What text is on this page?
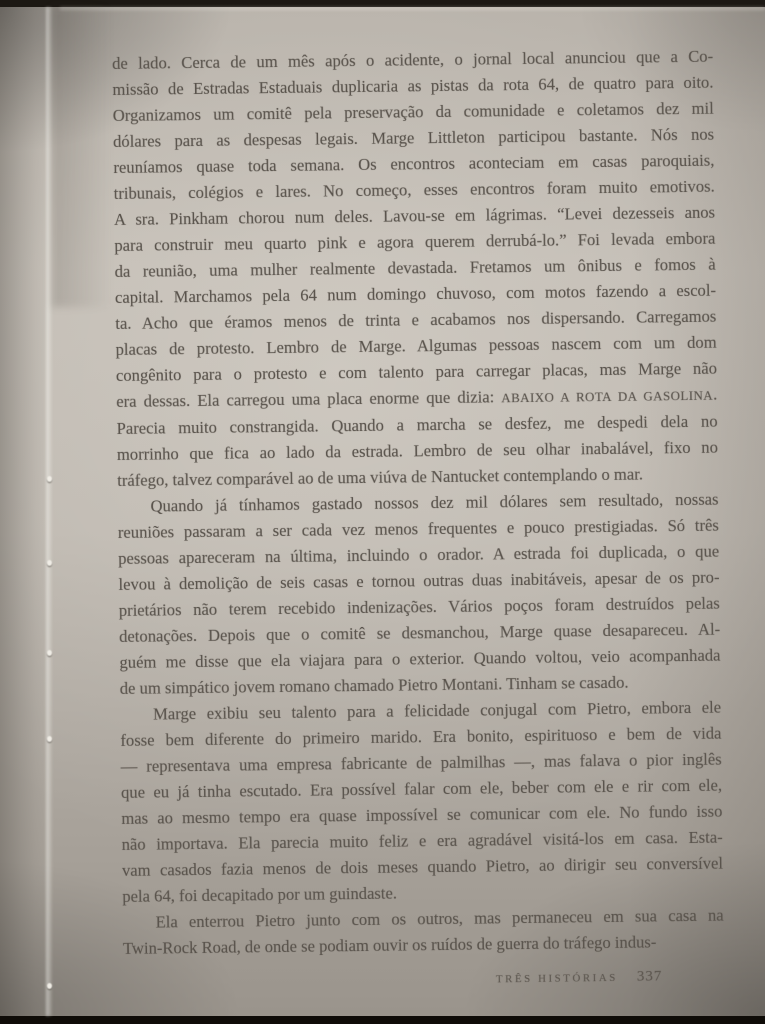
de lado. Cerca de um mês após o acidente, o jornal local anunciou que a Co-
missão de Estradas Estaduais duplicaria as pistas da rota 64, de quatro para oito.
Organizamos um comitê pela preservação da comunidade e coletamos dez mil
dólares para as despesas legais. Marge Littleton participou bastante. Nós nos
reuníamos quase toda semana. Os encontros aconteciam em casas paroquiais,
tribunais, colégios e lares. No começo, esses encontros foram muito emotivos.
A sra. Pinkham chorou num deles. Lavou-se em lágrimas. “Levei dezesseis anos
para construir meu quarto pink e agora querem derrubá-lo.” Foi levada embora
da reunião, uma mulher realmente devastada. Fretamos um ônibus e fomos à
capital. Marchamos pela 64 num domingo chuvoso, com motos fazendo a escol-
ta. Acho que éramos menos de trinta e acabamos nos dispersando. Carregamos
placas de protesto. Lembro de Marge. Algumas pessoas nascem com um dom
congênito para o protesto e com talento para carregar placas, mas Marge não
era dessas. Ela carregou uma placa enorme que dizia: ABAIXO A ROTA DA GASOLINA.
Parecia muito constrangida. Quando a marcha se desfez, me despedi dela no
morrinho que fica ao lado da estrada. Lembro de seu olhar inabalável, fixo no
tráfego, talvez comparável ao de uma viúva de Nantucket contemplando o mar.
Quando já tínhamos gastado nossos dez mil dólares sem resultado, nossas
reuniões passaram a ser cada vez menos frequentes e pouco prestigiadas. Só três
pessoas apareceram na última, incluindo o orador. A estrada foi duplicada, o que
levou à demolição de seis casas e tornou outras duas inabitáveis, apesar de os pro-
prietários não terem recebido indenizações. Vários poços foram destruídos pelas
detonações. Depois que o comitê se desmanchou, Marge quase desapareceu. Al-
guém me disse que ela viajara para o exterior. Quando voltou, veio acompanhada
de um simpático jovem romano chamado Pietro Montani. Tinham se casado.
Marge exibiu seu talento para a felicidade conjugal com Pietro, embora ele
fosse bem diferente do primeiro marido. Era bonito, espirituoso e bem de vida
— representava uma empresa fabricante de palmilhas —, mas falava o pior inglês
que eu já tinha escutado. Era possível falar com ele, beber com ele e rir com ele,
mas ao mesmo tempo era quase impossível se comunicar com ele. No fundo isso
não importava. Ela parecia muito feliz e era agradável visitá-los em casa. Esta-
vam casados fazia menos de dois meses quando Pietro, ao dirigir seu conversível
pela 64, foi decapitado por um guindaste.
Ela enterrou Pietro junto com os outros, mas permaneceu em sua casa na
Twin-Rock Road, de onde se podiam ouvir os ruídos de guerra do tráfego indus-
TRÊS HISTÓRIAS 337
